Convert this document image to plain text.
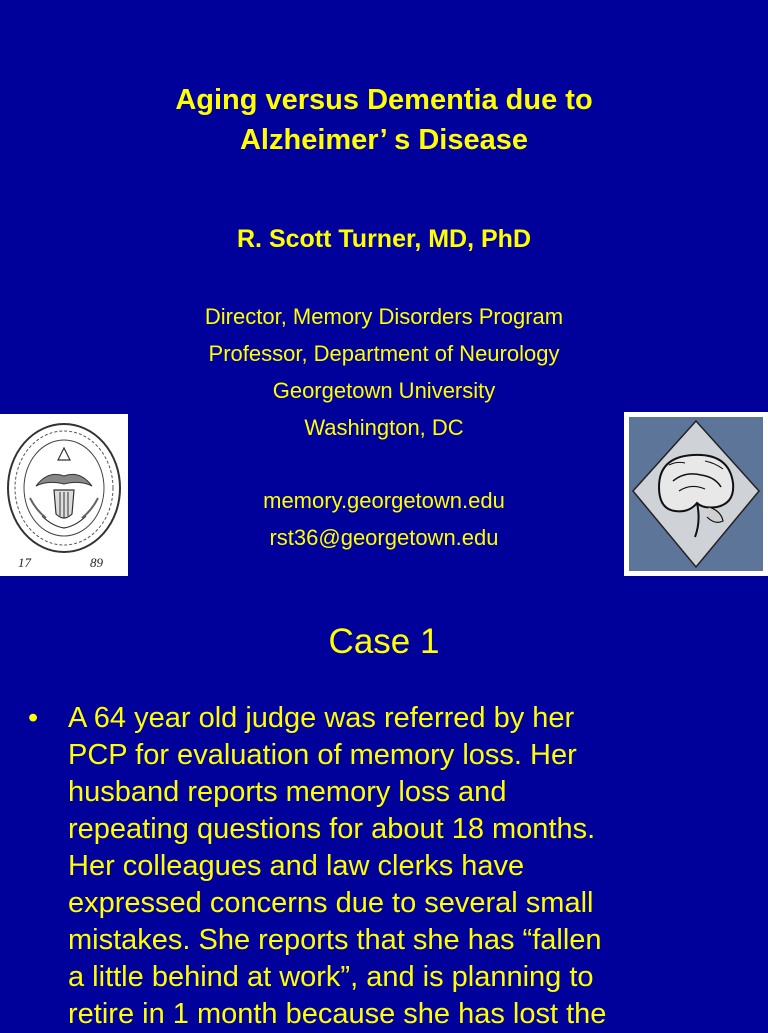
Aging versus Dementia due to
Alzheimer’ s Disease
R. Scott Turner, MD, PhD
Director, Memory Disorders Program
Professor, Department of Neurology
Georgetown University
Washington, DC
memory.georgetown.edu
rst36@georgetown.edu
17	89
Case 1
• A 64 year old judge was referred by her
PCP for evaluation of memory loss. Her
husband reports memory loss and
repeating questions for about 18 months.
Her colleagues and law clerks have
expressed concerns due to several small
mistakes. She reports that she has “fallen
a little behind at work”, and is planning to
retire in 1 month because she has lost the
